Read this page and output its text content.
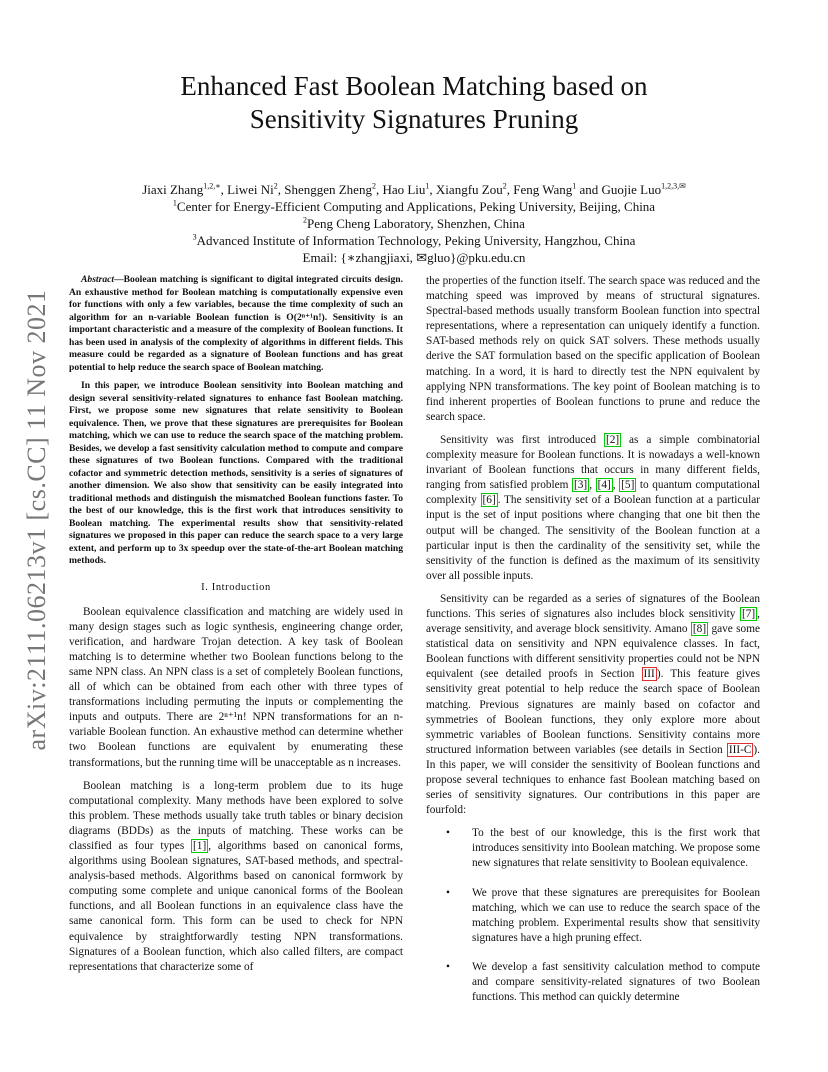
Enhanced Fast Boolean Matching based on
Sensitivity Signatures Pruning
Jiaxi Zhang$^{1,2,∗}$, Liwei Ni$^2$, Shenggen Zheng$^2$, Hao Liu$^1$, Xiangfu Zou$^2$, Feng Wang$^1$ and Guojie Luo$^{1,2,3,✉}$
$^1$Center for Energy-Efficient Computing and Applications, Peking University, Beijing, China
$^2$Peng Cheng Laboratory, Shenzhen, China
$^3$Advanced Institute of Information Technology, Peking University, Hangzhou, China
Email: {∗zhangjiaxi, ✉gluo}@pku.edu.cn
arXiv:2111.06213v1 [cs.CC] 11 Nov 2021

Abstract—Boolean matching is significant to digital integrated circuits design. An exhaustive method for Boolean matching is computationally expensive even for functions with only a few variables, because the time complexity of such an algorithm for an n-variable Boolean function is O(2ⁿ⁺¹n!). Sensitivity is an important characteristic and a measure of the complexity of Boolean functions. It has been used in analysis of the complexity of algorithms in different fields. This measure could be regarded as a signature of Boolean functions and has great potential to help reduce the search space of Boolean matching.

In this paper, we introduce Boolean sensitivity into Boolean matching and design several sensitivity-related signatures to enhance fast Boolean matching. First, we propose some new signatures that relate sensitivity to Boolean equivalence. Then, we prove that these signatures are prerequisites for Boolean matching, which we can use to reduce the search space of the matching problem. Besides, we develop a fast sensitivity calculation method to compute and compare these signatures of two Boolean functions. Compared with the traditional cofactor and symmetric detection methods, sensitivity is a series of signatures of another dimension. We also show that sensitivity can be easily integrated into traditional methods and distinguish the mismatched Boolean functions faster. To the best of our knowledge, this is the first work that introduces sensitivity to Boolean matching. The experimental results show that sensitivity-related signatures we proposed in this paper can reduce the search space to a very large extent, and perform up to 3x speedup over the state-of-the-art Boolean matching methods.

I. Introduction

Boolean equivalence classification and matching are widely used in many design stages such as logic synthesis, engineering change order, verification, and hardware Trojan detection. A key task of Boolean matching is to determine whether two Boolean functions belong to the same NPN class. An NPN class is a set of completely Boolean functions, all of which can be obtained from each other with three types of transformations including permuting the inputs or complementing the inputs and outputs. There are 2ⁿ⁺¹n! NPN transformations for an n-variable Boolean function. An exhaustive method can determine whether two Boolean functions are equivalent by enumerating these transformations, but the running time will be unacceptable as n increases.

Boolean matching is a long-term problem due to its huge computational complexity. Many methods have been explored to solve this problem. These methods usually take truth tables or binary decision diagrams (BDDs) as the inputs of matching. These works can be classified as four types [1] , algorithms based on canonical forms, algorithms using Boolean signatures, SAT-based methods, and spectral-analysis-based methods. Algorithms based on canonical formwork by computing some complete and unique canonical forms of the Boolean functions, and all Boolean functions in an equivalence class have the same canonical form. This form can be used to check for NPN equivalence by straightforwardly testing NPN transformations. Signatures of a Boolean function, which also called filters, are compact representations that characterize some of

the properties of the function itself. The search space was reduced and the matching speed was improved by means of structural signatures. Spectral-based methods usually transform Boolean function into spectral representations, where a representation can uniquely identify a function. SAT-based methods rely on quick SAT solvers. These methods usually derive the SAT formulation based on the specific application of Boolean matching. In a word, it is hard to directly test the NPN equivalent by applying NPN transformations. The key point of Boolean matching is to find inherent properties of Boolean functions to prune and reduce the search space.

Sensitivity was first introduced [2] as a simple combinatorial complexity measure for Boolean functions. It is nowadays a well-known invariant of Boolean functions that occurs in many different fields, ranging from satisfied problem [3] , [4] , [5] to quantum computational complexity [6] . The sensitivity set of a Boolean function at a particular input is the set of input positions where changing that one bit then the output will be changed. The sensitivity of the Boolean function at a particular input is then the cardinality of the sensitivity set, while the sensitivity of the function is defined as the maximum of its sensitivity over all possible inputs.

Sensitivity can be regarded as a series of signatures of the Boolean functions. This series of signatures also includes block sensitivity [7] , average sensitivity, and average block sensitivity. Amano [8] gave some statistical data on sensitivity and NPN equivalence classes. In fact, Boolean functions with different sensitivity properties could not be NPN equivalent (see detailed proofs in Section III ). This feature gives sensitivity great potential to help reduce the search space of Boolean matching. Previous signatures are mainly based on cofactor and symmetries of Boolean functions, they only explore more about symmetric variables of Boolean functions. Sensitivity contains more structured information between variables (see details in Section III-C ). In this paper, we will consider the sensitivity of Boolean functions and propose several techniques to enhance fast Boolean matching based on series of sensitivity signatures. Our contributions in this paper are fourfold:

• To the best of our knowledge, this is the first work that introduces sensitivity into Boolean matching. We propose some new signatures that relate sensitivity to Boolean equivalence.
• We prove that these signatures are prerequisites for Boolean matching, which we can use to reduce the search space of the matching problem. Experimental results show that sensitivity signatures have a high pruning effect.
• We develop a fast sensitivity calculation method to compute and compare sensitivity-related signatures of two Boolean functions. This method can quickly determine
